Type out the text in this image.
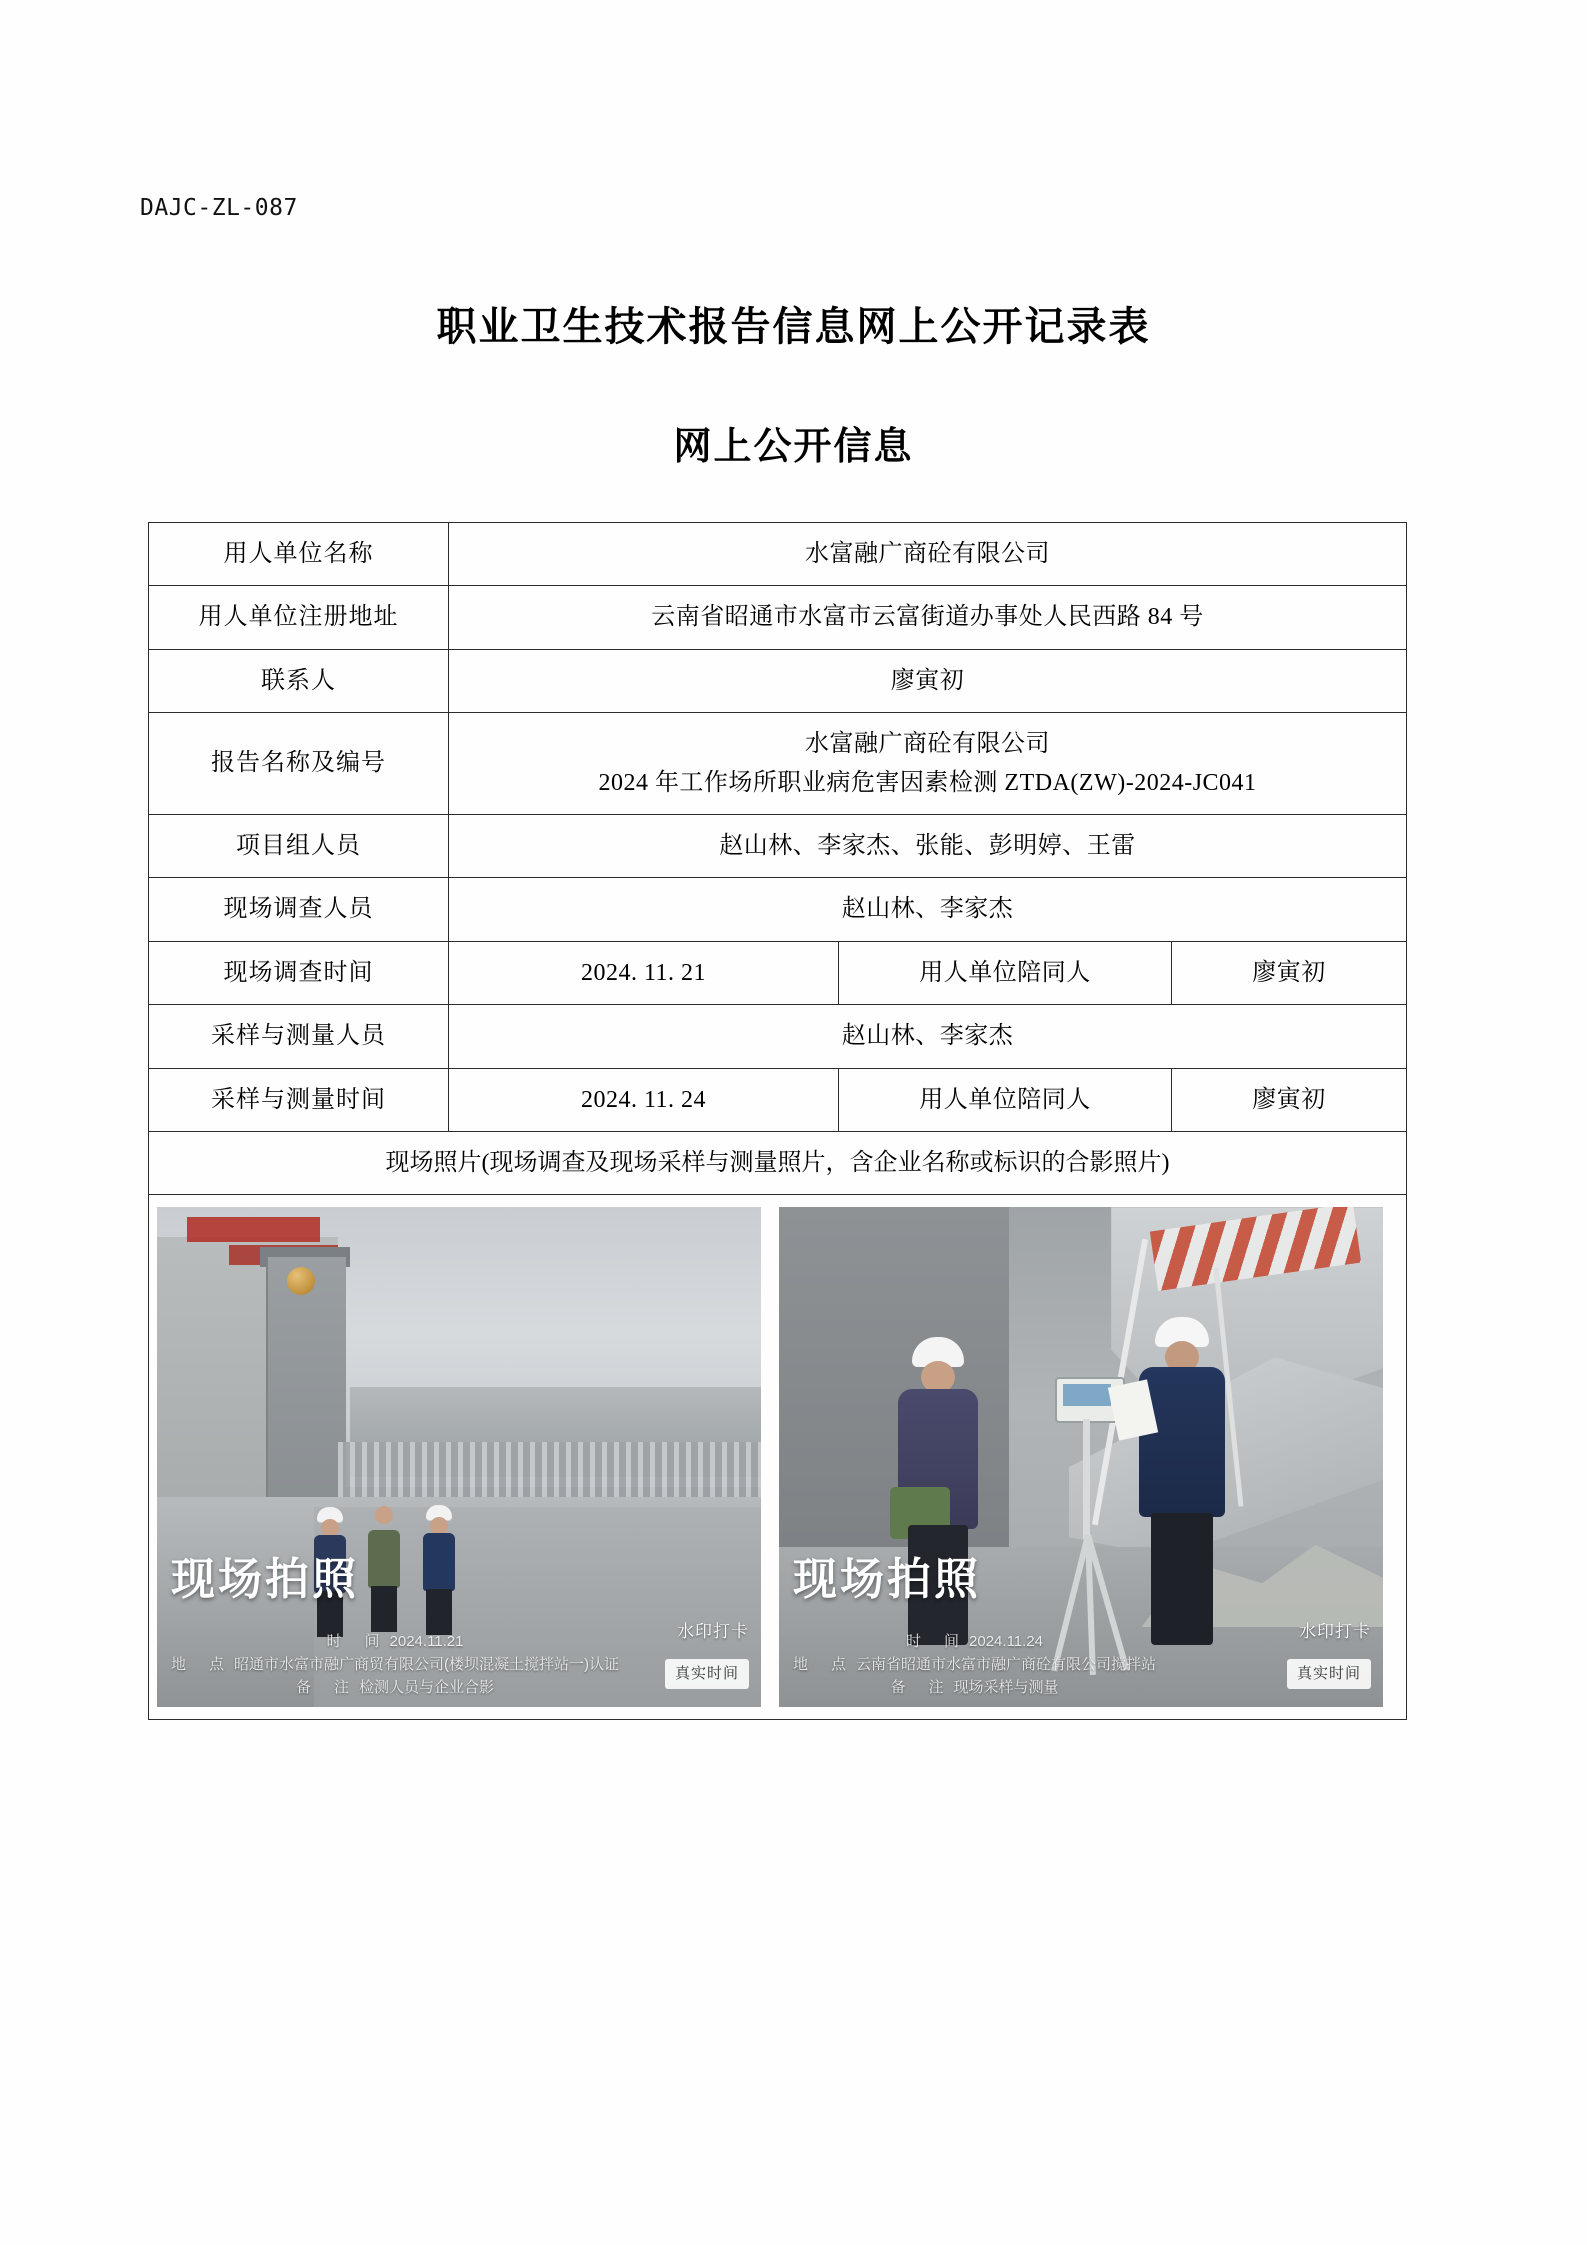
DAJC-ZL-087
职业卫生技术报告信息网上公开记录表
网上公开信息
用人单位名称	水富融广商砼有限公司		
用人单位注册地址	云南省昭通市水富市云富街道办事处人民西路 84 号		
联系人	廖寅初		
报告名称及编号	水富融广商砼有限公司
2024 年工作场所职业病危害因素检测 ZTDA(ZW)-2024-JC041		

项目组人员	赵山林、李家杰、张能、彭明婷、王雷		
现场调查人员	赵山林、李家杰		
现场调查时间	2024. 11. 21	用人单位陪同人	廖寅初
采样与测量人员	赵山林、李家杰		
采样与测量时间	2024. 11. 24	用人单位陪同人	廖寅初
现场照片(现场调查及现场采样与测量照片，含企业名称或标识的合影照片)			

现场拍照
时　间 2024.11.21
地　点 昭通市水富市融广商贸有限公司(楼坝混凝土搅拌站一)认证
备　注 检测人员与企业合影
水印打卡
真实时间
现场拍照
时　间 2024.11.24
地　点 云南省昭通市水富市融广商砼有限公司搅拌站
备　注 现场采样与测量
水印打卡
真实时间
